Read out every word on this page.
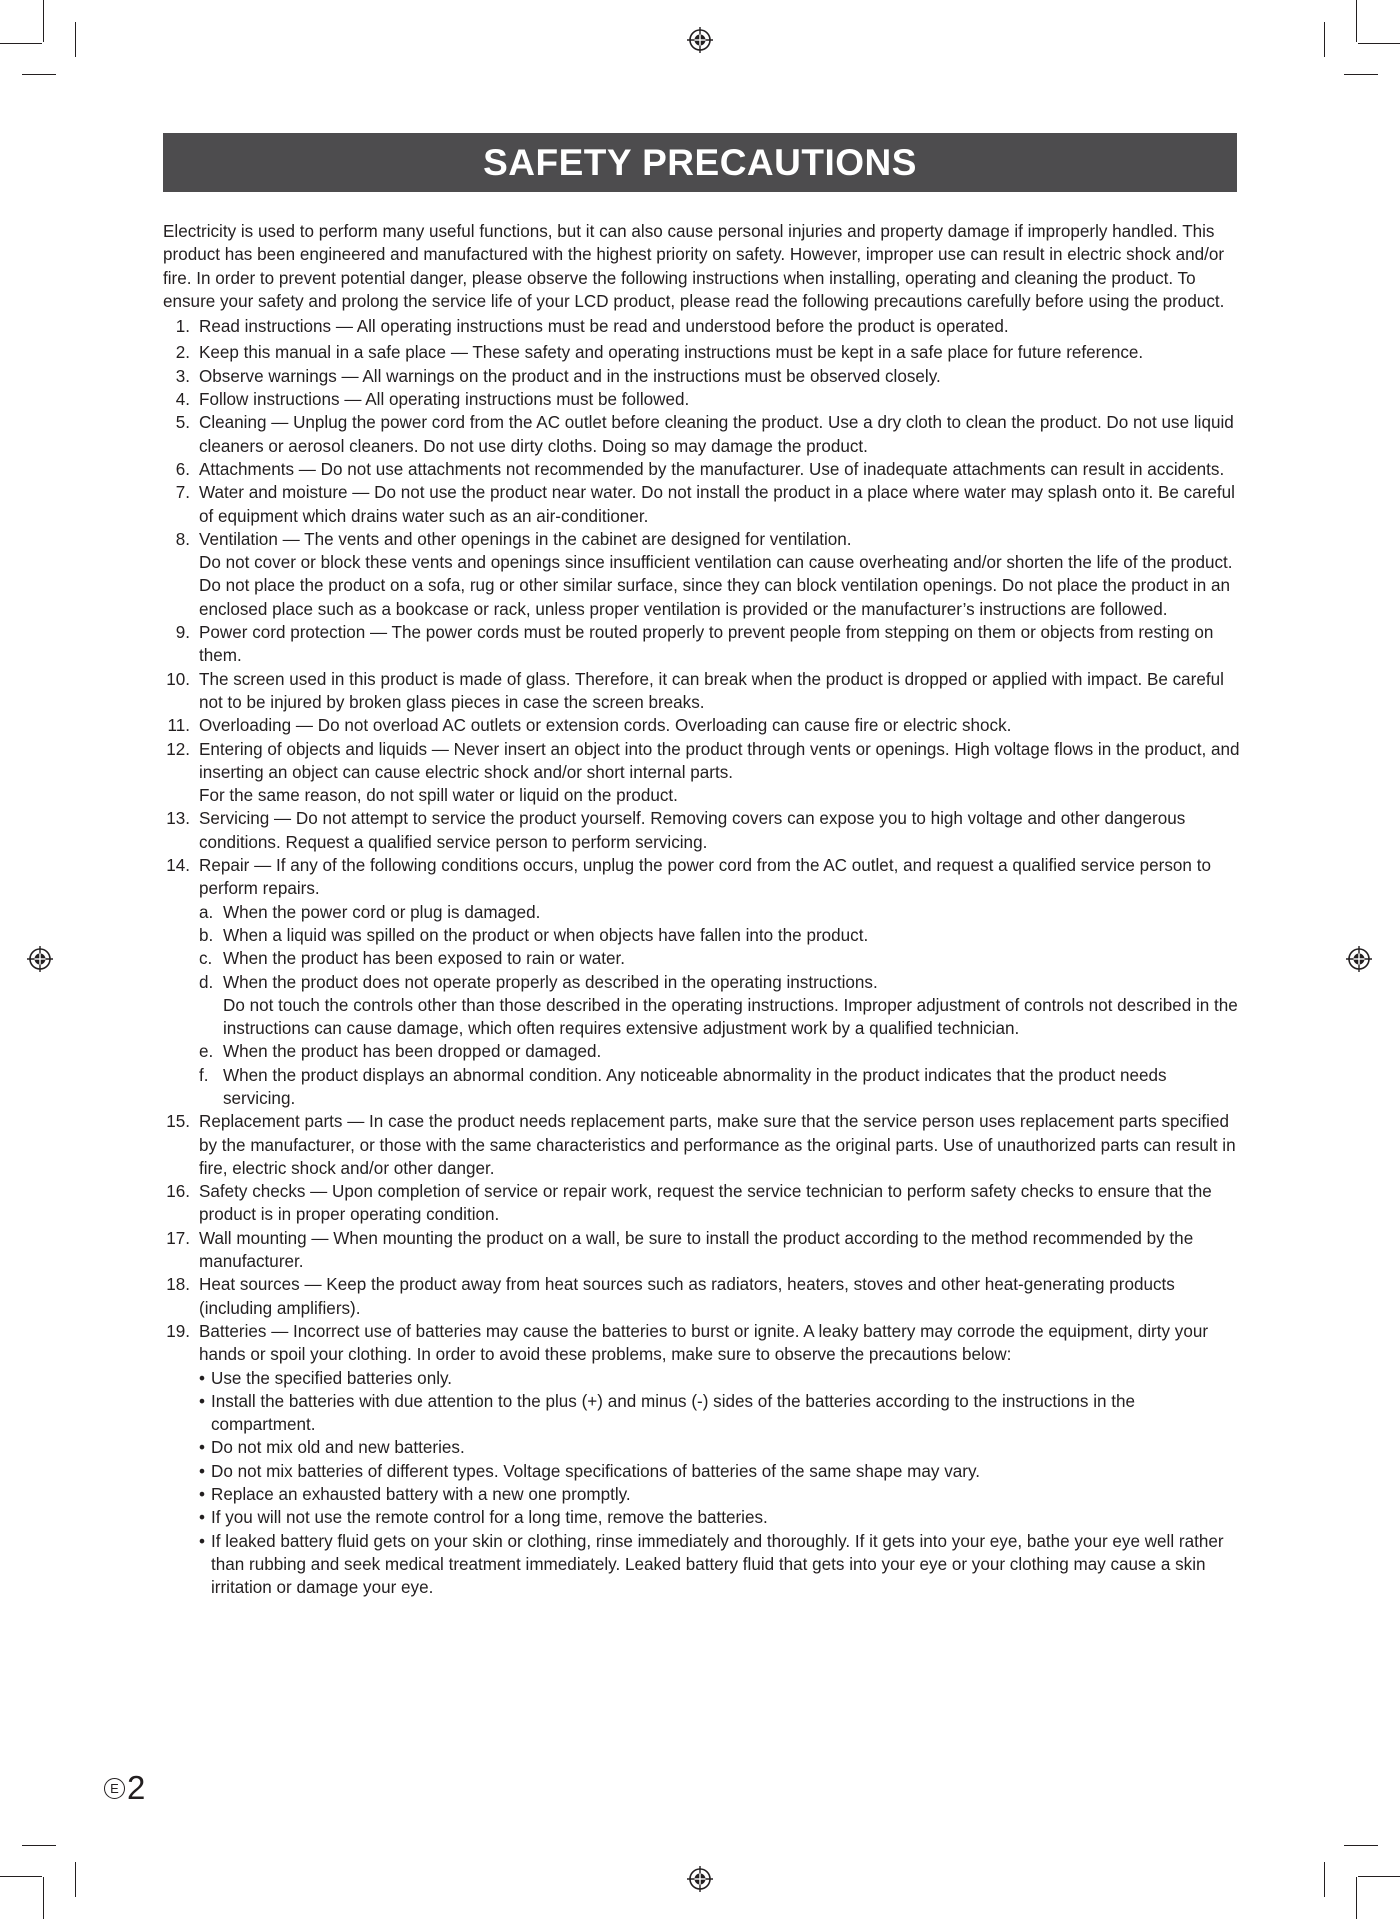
SAFETY PRECAUTIONS

Electricity is used to perform many useful functions, but it can also cause personal injuries and property damage if improperly handled. This product has been engineered and manufactured with the highest priority on safety. However, improper use can result in electric shock and/or fire. In order to prevent potential danger, please observe the following instructions when installing, operating and cleaning the product. To ensure your safety and prolong the service life of your LCD product, please read the following precautions carefully before using the product.

1. Read instructions — All operating instructions must be read and understood before the product is operated.
2. Keep this manual in a safe place — These safety and operating instructions must be kept in a safe place for future reference.
3. Observe warnings — All warnings on the product and in the instructions must be observed closely.
4. Follow instructions — All operating instructions must be followed.
5. Cleaning — Unplug the power cord from the AC outlet before cleaning the product. Use a dry cloth to clean the product. Do not use liquid cleaners or aerosol cleaners. Do not use dirty cloths. Doing so may damage the product.
6. Attachments — Do not use attachments not recommended by the manufacturer. Use of inadequate attachments can result in accidents.
7. Water and moisture — Do not use the product near water. Do not install the product in a place where water may splash onto it. Be careful of equipment which drains water such as an air-conditioner.
8. Ventilation — The vents and other openings in the cabinet are designed for ventilation.
Do not cover or block these vents and openings since insufficient ventilation can cause overheating and/or shorten the life of the product. Do not place the product on a sofa, rug or other similar surface, since they can block ventilation openings. Do not place the product in an enclosed place such as a bookcase or rack, unless proper ventilation is provided or the manufacturer’s instructions are followed.
9. Power cord protection — The power cords must be routed properly to prevent people from stepping on them or objects from resting on them.
10. The screen used in this product is made of glass. Therefore, it can break when the product is dropped or applied with impact. Be careful not to be injured by broken glass pieces in case the screen breaks.
11. Overloading — Do not overload AC outlets or extension cords. Overloading can cause fire or electric shock.
12. Entering of objects and liquids — Never insert an object into the product through vents or openings. High voltage flows in the product, and inserting an object can cause electric shock and/or short internal parts.
For the same reason, do not spill water or liquid on the product.
13. Servicing — Do not attempt to service the product yourself. Removing covers can expose you to high voltage and other dangerous conditions. Request a qualified service person to perform servicing.
14. Repair — If any of the following conditions occurs, unplug the power cord from the AC outlet, and request a qualified service person to perform repairs.
a. When the power cord or plug is damaged.
b. When a liquid was spilled on the product or when objects have fallen into the product.
c. When the product has been exposed to rain or water.
d. When the product does not operate properly as described in the operating instructions.
Do not touch the controls other than those described in the operating instructions. Improper adjustment of controls not described in the instructions can cause damage, which often requires extensive adjustment work by a qualified technician.
e. When the product has been dropped or damaged.
f. When the product displays an abnormal condition. Any noticeable abnormality in the product indicates that the product needs servicing.
15. Replacement parts — In case the product needs replacement parts, make sure that the service person uses replacement parts specified by the manufacturer, or those with the same characteristics and performance as the original parts. Use of unauthorized parts can result in fire, electric shock and/or other danger.
16. Safety checks — Upon completion of service or repair work, request the service technician to perform safety checks to ensure that the product is in proper operating condition.
17. Wall mounting — When mounting the product on a wall, be sure to install the product according to the method recommended by the manufacturer.
18. Heat sources — Keep the product away from heat sources such as radiators, heaters, stoves and other heat-generating products (including amplifiers).
19. Batteries — Incorrect use of batteries may cause the batteries to burst or ignite. A leaky battery may corrode the equipment, dirty your hands or spoil your clothing. In order to avoid these problems, make sure to observe the precautions below:
• Use the specified batteries only.
• Install the batteries with due attention to the plus (+) and minus (-) sides of the batteries according to the instructions in the compartment.
• Do not mix old and new batteries.
• Do not mix batteries of different types. Voltage specifications of batteries of the same shape may vary.
• Replace an exhausted battery with a new one promptly.
• If you will not use the remote control for a long time, remove the batteries.
• If leaked battery fluid gets on your skin or clothing, rinse immediately and thoroughly. If it gets into your eye, bathe your eye well rather than rubbing and seek medical treatment immediately. Leaked battery fluid that gets into your eye or your clothing may cause a skin irritation or damage your eye.
E 2
